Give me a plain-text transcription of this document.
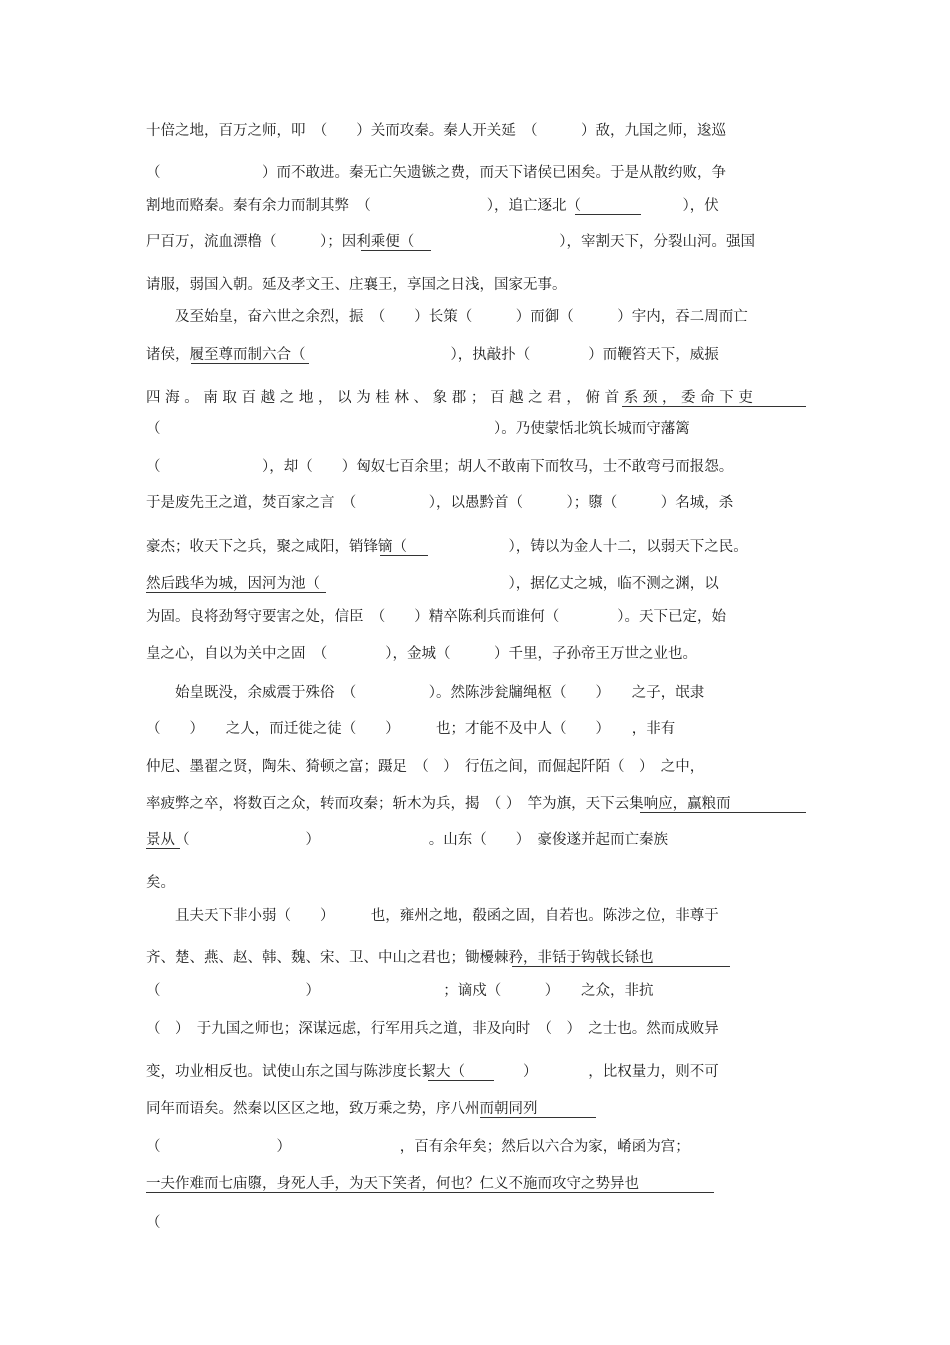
十倍之地，百万之师，叩　（　　）关而攻秦。秦人开关延　（　　　）敌，九国之师，逡巡
（　　　　　　　）而不敢进。秦无亡矢遗镞之费，而天下诸侯已困矣。于是从散约败，争
割地而赂秦。秦有余力而制其弊　（　　　　　　　　），追亡逐北（　　　　　　　），伏
尸百万，流血漂橹（　　　）；因利乘便（　　　　　　　　　　），宰割天下，分裂山河。强国
请服，弱国入朝。延及孝文王、庄襄王，享国之日浅，国家无事。
　　及至始皇，奋六世之余烈，振　（　　）长策（　　　）而御（　　　）宇内，吞二周而亡
诸侯，履至尊而制六合（　　　　　　　　　　），执敲扑（　　　　）而鞭笞天下，威振
四 海 。 南 取 百 越 之 地 ， 以 为 桂 林 、 象 郡 ； 百 越 之 君 ， 俯 首 系 颈 ， 委 命 下 吏
（　　　　　　　　　　　　　　　　　　　　　　　）。乃使蒙恬北筑长城而守藩篱
（　　　　　　　），却（　　）匈奴七百余里；胡人不敢南下而牧马，士不敢弯弓而报怨。
于是废先王之道，焚百家之言　（　　　　　），以愚黔首（　　　）；隳（　　　）名城，杀
豪杰；收天下之兵，聚之咸阳，销锋镝（　　　　　　　），铸以为金人十二，以弱天下之民。
然后践华为城，因河为池（　　　　　　　　　　　　　），据亿丈之城，临不测之渊，以
为固。良将劲弩守要害之处，信臣　（　　）精卒陈利兵而谁何（　　　　）。天下已定，始
皇之心，自以为关中之固　（　　　　），金城（　　　）千里，子孙帝王万世之业也。
　　始皇既没，余威震于殊俗　（　　　　　）。然陈涉瓮牖绳枢（　　）　　之子，氓隶
（　　）　　之人，而迁徙之徒（　　）　　　也；才能不及中人（　　）　　，非有
仲尼、墨翟之贤，陶朱、猗顿之富；蹑足　（　）　行伍之间，而倔起阡陌（　）　之中，
率疲弊之卒，将数百之众，转而攻秦；斩木为兵，揭　（ ）　竿为旗，天下云集响应，赢粮而
景从（　　　　　　　　）　　　　　　　　。山东（　　）　豪俊遂并起而亡秦族
矣。
　　且夫天下非小弱（　　）　　　也，雍州之地，殽函之固，自若也。陈涉之位，非尊于
齐、楚、燕、赵、韩、魏、宋、卫、中山之君也；锄櫌棘矜，非铦于钩戟长铩也
（　　　　　　　　　　）　　　　　　　　　；谪戍（　　　）　　之众，非抗
（　）　于九国之师也；深谋远虑，行军用兵之道，非及向时　（　）　之士也。然而成败异
变，功业相反也。试使山东之国与陈涉度长絜大（　　　　）　　　　，比权量力，则不可
同年而语矣。然秦以区区之地，致万乘之势，序八州而朝同列
（　　　　　　　　）　　　　　　　　，百有余年矣；然后以六合为家，崤函为宫；
一夫作难而七庙隳，身死人手，为天下笑者，何也？仁义不施而攻守之势异也
（
